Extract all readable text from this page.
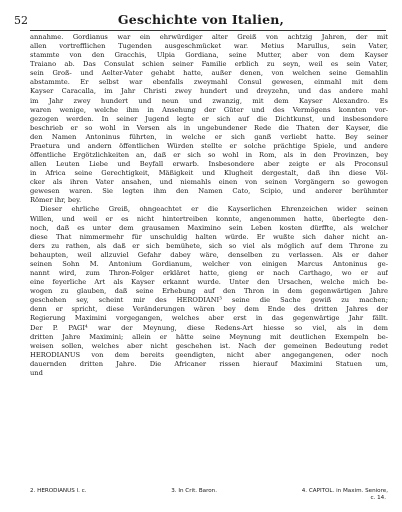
52	Geschichte von Italien,
annahme. Gordianus war ein ehrwürdiger alter Greiß von achtzig Jahren, der mit
allen vortrefflichen Tugenden ausgeschmücket war. Metius Marullus, sein Vater,
stammte von den Gracchis, Ulpia Gordiana, seine Mutter, aber von dem Kayser
Traiano ab. Das Consulat schien seiner Familie erblich zu seyn, weil es sein Vater,
sein Groß- und Aelter-Vater gehabt hatte, außer denen, von welchen seine Gemahlin
abstammte. Er selbst war ebenfalls zweymahl Consul gewesen, einmahl mit dem
Kayser Caracalla, im Jahr Christi zwey hundert und dreyzehn, und das andere mahl
im Jahr zwey hundert und neun und zwanzig, mit dem Kayser Alexandro. Es
waren wenige, welche ihm in Ansehung der Güter und des Vermögens konnten vor-
gezogen werden. In seiner Jugend legte er sich auf die Dichtkunst, und insbesondere
beschrieb er so wohl in Versen als in ungebundener Rede die Thaten der Kayser, die
den Namen Antoninus führten, in welche er sich ganß verliebt hatte. Bey seiner
Praetura und andern öffentlichen Würden stellte er solche prächtige Spiele, und andere
öffentliche Ergötzlichkeiten an, daß er sich so wohl in Rom, als in den Provinzen, bey
allen Leuten Liebe und Beyfall erwarb. Insbesondere aber zeigte er als Proconsul
in Africa seine Gerechtigkeit, Mäßigkeit und Klugheit dergestalt, daß ihn diese Völ-
cker als ihren Vater ansahen, und niemahls einen von seinen Vorgängern so gewogen
gewesen waren. Sie legten ihm den Namen Cato, Scipio, und anderer berühmter
Römer ihr, bey.
Dieser ehrliche Greiß, ohngeachtet er die Kayserlichen Ehrenzeichen wider seinen
Willen, und weil er es nicht hintertreiben konnte, angenommen hatte, überlegte den-
noch, daß es unter dem grausamen Maximino sein Leben kosten dürffte, als welcher
diese That nimmermehr für unschuldig halten würde. Er wußte sich daher nicht an-
ders zu rathen, als daß er sich bemühete, sich so viel als möglich auf dem Throne zu
behaupten, weil allzuviel Gefahr dabey wäre, denselben zu verlassen. Als er daher
seinen Sohn M. Antonium Gordianum, welcher von einigen Marcus Antoninus ge-
nannt wird, zum Thron-Folger erkläret hatte, gieng er nach Carthago, wo er auf
eine feyerliche Art als Kayser erkannt wurde. Unter den Ursachen, welche mich be-
wogen zu glauben, daß seine Erhebung auf den Thron in dem gegenwärtigen Jahre
geschehen sey, scheint mir des HERODIANI³ seine die Sache gewiß zu machen;
denn er spricht, diese Veränderungen wären bey dem Ende des dritten Jahres der
Regierung Maximini vorgegangen, welches aber erst in das gegenwärtige Jahr fällt.
Der P. PAGI⁴ war der Meynung, diese Redens-Art hiesse so viel, als in dem
dritten Jahre Maximini; allein er hätte seine Meynung mit deutlichen Exempeln be-
weisen sollen, welches aber nicht geschehen ist. Nach der gemeinen Bedeutung redet
HERODIANUS von dem bereits geendigten, nicht aber angegangenen, oder noch
dauernden dritten Jahre. Die Africaner rissen hierauf Maximini Statuen um,
und
2. HERODIANUS l. c.	3. In Crit. Baron.	4. CAPITOL. in Maxim. Seniore,
c. 14.
